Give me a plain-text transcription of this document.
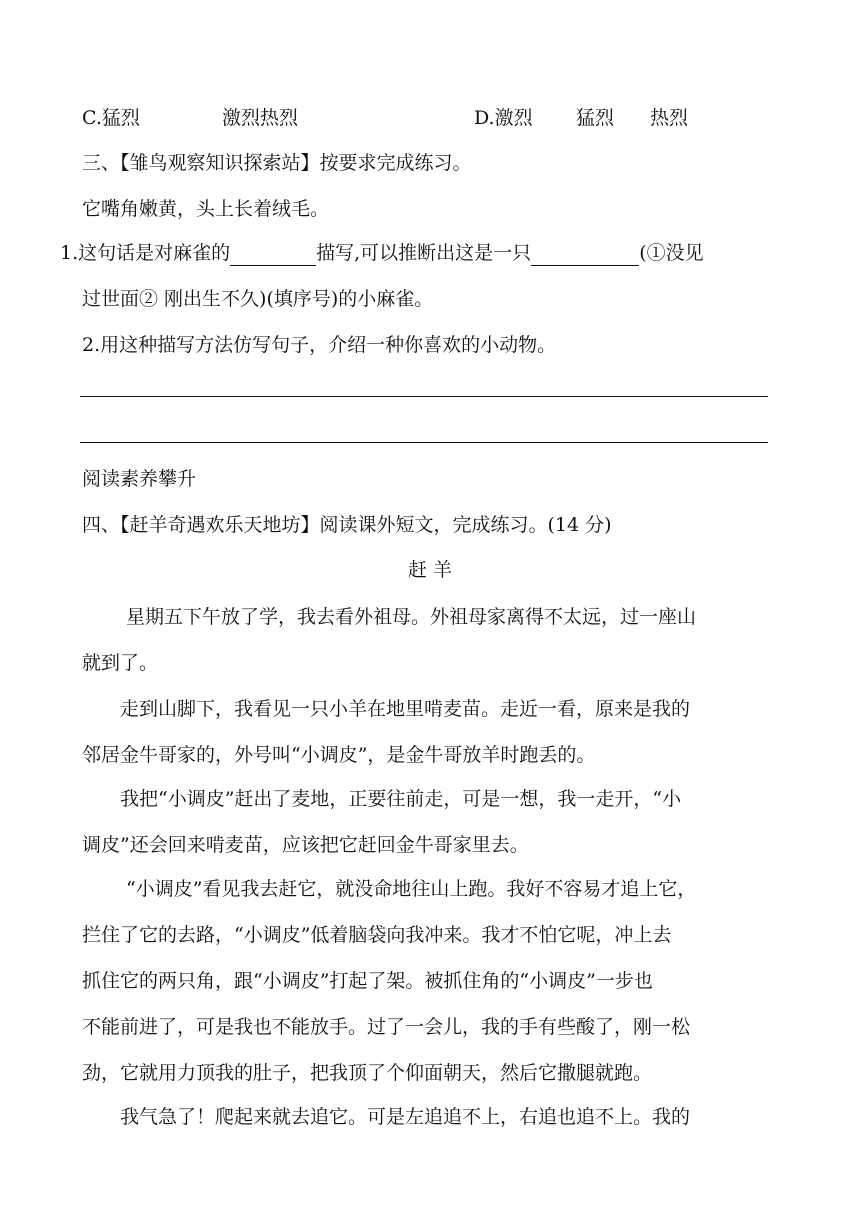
C.猛烈	激烈热烈	D.激烈 猛烈 热烈
三、【雏鸟观察知识探索站】按要求完成练习。
它嘴角嫩黄，头上长着绒毛。
1.这句话是对麻雀的	描写,可以推断出这是一只	(①没见
过世面② 刚出生不久)(填序号)的小麻雀。
2.用这种描写方法仿写句子，介绍一种你喜欢的小动物。
阅读素养攀升
四、【赶羊奇遇欢乐天地坊】阅读课外短文，完成练习。(14 分)
赶 羊
星期五下午放了学，我去看外祖母。外祖母家离得不太远，过一座山
就到了。
走到山脚下，我看见一只小羊在地里啃麦苗。走近一看，原来是我的
邻居金牛哥家的，外号叫“小调皮”，是金牛哥放羊时跑丢的。
我把“小调皮”赶出了麦地，正要往前走，可是一想，我一走开，“小
调皮”还会回来啃麦苗，应该把它赶回金牛哥家里去。
“小调皮”看见我去赶它，就没命地往山上跑。我好不容易才追上它，
拦住了它的去路，“小调皮”低着脑袋向我冲来。我才不怕它呢，冲上去
抓住它的两只角，跟“小调皮”打起了架。被抓住角的“小调皮”一步也
不能前进了，可是我也不能放手。过了一会儿，我的手有些酸了，刚一松
劲，它就用力顶我的肚子，把我顶了个仰面朝天，然后它撒腿就跑。
我气急了！爬起来就去追它。可是左追追不上，右追也追不上。我的
